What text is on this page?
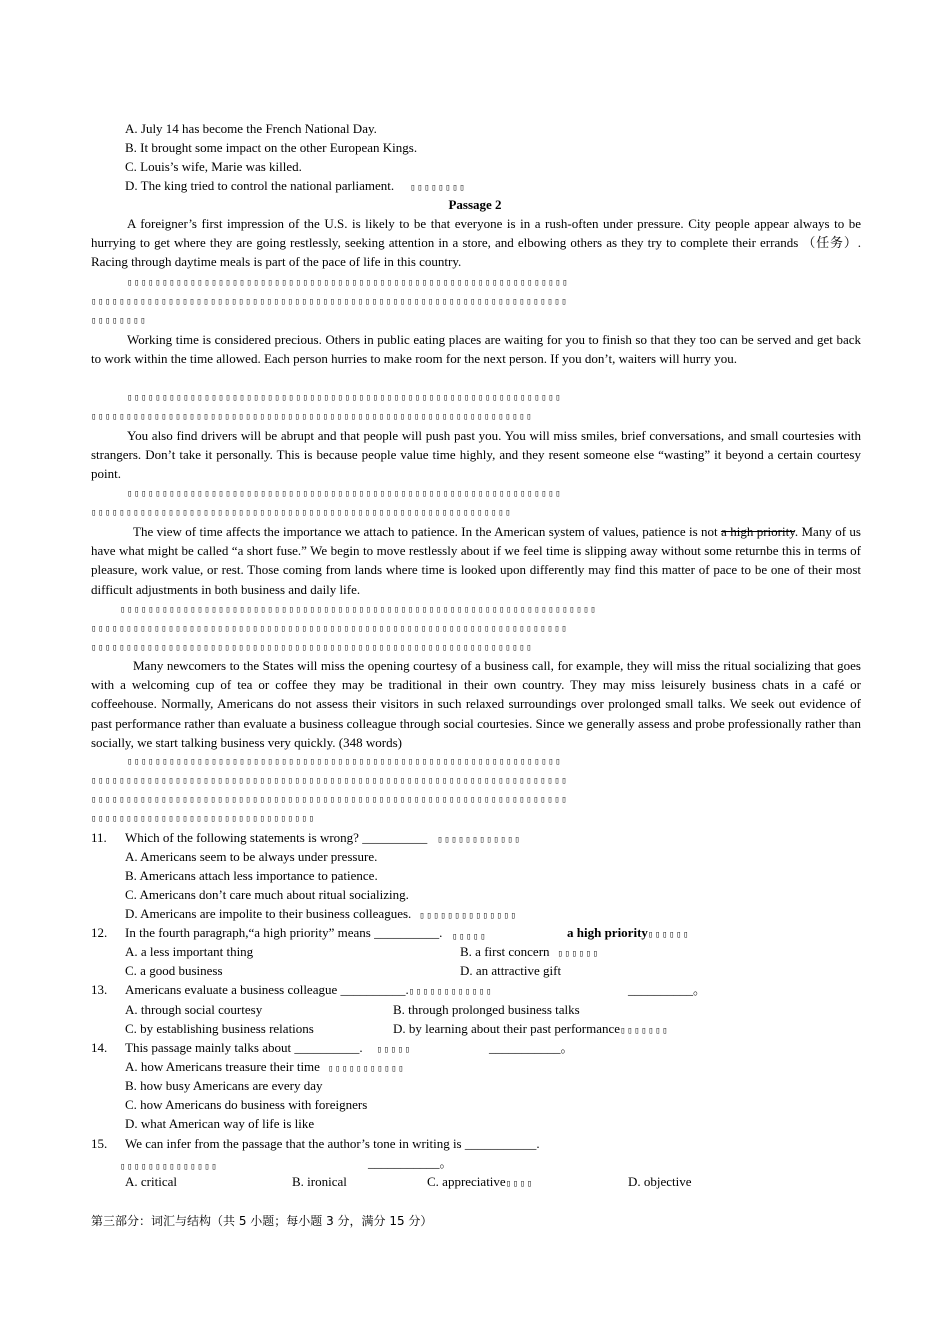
A. July 14 has become the French National Day.
B. It brought some impact on the other European Kings.
C. Louis’s wife, Marie was killed.
D. The king tried to control the national parliament. ▯▯▯▯▯▯▯▯
Passage 2
A foreigner’s first impression of the U.S. is likely to be that everyone is in a rush-often under pressure. City people appear always to be hurrying to get where they are going restlessly, seeking attention in a store, and elbowing others as they try to complete their errands （任务）. Racing through daytime meals is part of the pace of life in this country.
▯▯▯▯▯▯▯▯▯▯▯▯▯▯▯▯▯▯▯▯▯▯▯▯▯▯▯▯▯▯▯▯▯▯▯▯▯▯▯▯▯▯▯▯▯▯▯▯▯▯▯▯▯▯▯▯▯▯▯▯▯▯▯
▯▯▯▯▯▯▯▯▯▯▯▯▯▯▯▯▯▯▯▯▯▯▯▯▯▯▯▯▯▯▯▯▯▯▯▯▯▯▯▯▯▯▯▯▯▯▯▯▯▯▯▯▯▯▯▯▯▯▯▯▯▯▯▯▯▯▯▯
▯▯▯▯▯▯▯▯
Working time is considered precious. Others in public eating places are waiting for you to finish so that they too can be served and get back to work within the time allowed. Each person hurries to make room for the next person. If you don’t, waiters will hurry you.
▯▯▯▯▯▯▯▯▯▯▯▯▯▯▯▯▯▯▯▯▯▯▯▯▯▯▯▯▯▯▯▯▯▯▯▯▯▯▯▯▯▯▯▯▯▯▯▯▯▯▯▯▯▯▯▯▯▯▯▯▯▯
▯▯▯▯▯▯▯▯▯▯▯▯▯▯▯▯▯▯▯▯▯▯▯▯▯▯▯▯▯▯▯▯▯▯▯▯▯▯▯▯▯▯▯▯▯▯▯▯▯▯▯▯▯▯▯▯▯▯▯▯▯▯▯
You also find drivers will be abrupt and that people will push past you. You will miss smiles, brief conversations, and small courtesies with strangers. Don’t take it personally. This is because people value time highly, and they resent someone else “wasting” it beyond a certain courtesy point.
▯▯▯▯▯▯▯▯▯▯▯▯▯▯▯▯▯▯▯▯▯▯▯▯▯▯▯▯▯▯▯▯▯▯▯▯▯▯▯▯▯▯▯▯▯▯▯▯▯▯▯▯▯▯▯▯▯▯▯▯▯▯
▯▯▯▯▯▯▯▯▯▯▯▯▯▯▯▯▯▯▯▯▯▯▯▯▯▯▯▯▯▯▯▯▯▯▯▯▯▯▯▯▯▯▯▯▯▯▯▯▯▯▯▯▯▯▯▯▯▯▯▯
The view of time affects the importance we attach to patience. In the American system of values, patience is not a high priority. Many of us have what might be called “a short fuse.” We begin to move restlessly about if we feel time is slipping away without some returnbe this in terms of pleasure, work value, or rest. Those coming from lands where time is looked upon differently may find this matter of pace to be one of their most difficult adjustments in both business and daily life.
▯▯▯▯▯▯▯▯▯▯▯▯▯▯▯▯▯▯▯▯▯▯▯▯▯▯▯▯▯▯▯▯▯▯▯▯▯▯▯▯▯▯▯▯▯▯▯▯▯▯▯▯▯▯▯▯▯▯▯▯▯▯▯▯▯▯▯▯
▯▯▯▯▯▯▯▯▯▯▯▯▯▯▯▯▯▯▯▯▯▯▯▯▯▯▯▯▯▯▯▯▯▯▯▯▯▯▯▯▯▯▯▯▯▯▯▯▯▯▯▯▯▯▯▯▯▯▯▯▯▯▯▯▯▯▯▯
▯▯▯▯▯▯▯▯▯▯▯▯▯▯▯▯▯▯▯▯▯▯▯▯▯▯▯▯▯▯▯▯▯▯▯▯▯▯▯▯▯▯▯▯▯▯▯▯▯▯▯▯▯▯▯▯▯▯▯▯▯▯▯
Many newcomers to the States will miss the opening courtesy of a business call, for example, they will miss the ritual socializing that goes with a welcoming cup of tea or coffee they may be traditional in their own country. They may miss leisurely business chats in a café or coffeehouse. Normally, Americans do not assess their visitors in such relaxed surroundings over prolonged small talks. We seek out evidence of past performance rather than evaluate a business colleague through social courtesies. Since we generally assess and probe professionally rather than socially, we start talking business very quickly. (348 words)
▯▯▯▯▯▯▯▯▯▯▯▯▯▯▯▯▯▯▯▯▯▯▯▯▯▯▯▯▯▯▯▯▯▯▯▯▯▯▯▯▯▯▯▯▯▯▯▯▯▯▯▯▯▯▯▯▯▯▯▯▯▯
▯▯▯▯▯▯▯▯▯▯▯▯▯▯▯▯▯▯▯▯▯▯▯▯▯▯▯▯▯▯▯▯▯▯▯▯▯▯▯▯▯▯▯▯▯▯▯▯▯▯▯▯▯▯▯▯▯▯▯▯▯▯▯▯▯▯▯▯
▯▯▯▯▯▯▯▯▯▯▯▯▯▯▯▯▯▯▯▯▯▯▯▯▯▯▯▯▯▯▯▯▯▯▯▯▯▯▯▯▯▯▯▯▯▯▯▯▯▯▯▯▯▯▯▯▯▯▯▯▯▯▯▯▯▯▯▯
▯▯▯▯▯▯▯▯▯▯▯▯▯▯▯▯▯▯▯▯▯▯▯▯▯▯▯▯▯▯▯▯
11. Which of the following statements is wrong? __________ ▯▯▯▯▯▯▯▯▯▯▯▯
A. Americans seem to be always under pressure.
B. Americans attach less importance to patience.
C. Americans don’t care much about ritual socializing.
D. Americans are impolite to their business colleagues. ▯▯▯▯▯▯▯▯▯▯▯▯▯▯
12. In the fourth paragraph,“a high priority” means __________. ▯▯▯▯▯	a high priority▯▯▯▯▯▯
A. a less important thing	B. a first concern ▯▯▯▯▯▯
C. a good business	D. an attractive gift
13. Americans evaluate a business colleague __________.▯▯▯▯▯▯▯▯▯▯▯▯	__________。
A. through social courtesy	B. through prolonged business talks
C. by establishing business relations	D. by learning about their past performance▯▯▯▯▯▯▯
14. This passage mainly talks about __________. ▯▯▯▯▯	___________。
A. how Americans treasure their time ▯▯▯▯▯▯▯▯▯▯▯
B. how busy Americans are every day
C. how Americans do business with foreigners
D. what American way of life is like
15. We can infer from the passage that the author’s tone in writing is ___________.
▯▯▯▯▯▯▯▯▯▯▯▯▯▯	___________。
A. critical	B. ironical	C. appreciative▯▯▯▯	D. objective
第三部分：词汇与结构（共 5 小题；每小题 3 分，满分 15 分）
